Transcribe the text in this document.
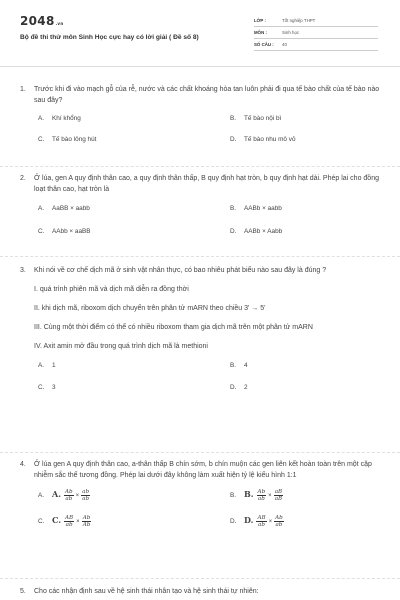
2048.vn
Bộ đề thi thử môn Sinh Học cực hay có lời giải ( Đề số 8)
LỚP :	Tốt nghiệp THPT
MÔN :	Sinh học
SỐ CÂU :	40
1. Trước khi đi vào mạch gỗ của rễ, nước và các chất khoáng hòa tan luôn phải đi qua tế bào chất của tế bào nào sau đây?
A. Khí khổng	B. Tế bào nội bì
C. Tế bào lông hút	D. Tế bào nhu mô vỏ
2. Ở lúa, gen A quy định thân cao, a quy định thân thấp, B quy định hạt tròn, b quy định hạt dài. Phép lai cho đồng loạt thân cao, hạt tròn là
A. AaBB × aabb	B. AABb × aabb
C. AAbb × aaBB	D. AABb × Aabb
3. Khi nói về cơ chế dịch mã ở sinh vật nhân thực, có bao nhiêu phát biểu nào sau đây là đúng ?
I. quá trình phiên mã và dịch mã diễn ra đồng thời
II. khi dịch mã, riboxom dịch chuyển trên phân tử mARN theo chiều 3' → 5'
III. Cùng một thời điểm có thể có nhiều riboxom tham gia dịch mã trên một phân tử mARN
IV. Axit amin mở đầu trong quá trình dịch mã là methioni
A. 1	B. 4
C. 3	D. 2
4. Ở lúa gen A quy định thân cao, a-thân thấp B chín sớm, b chín muộn các gen liên kết hoàn toàn trên một cặp nhiễm sắc thể tương đồng. Phép lai dưới đây không làm xuất hiện tỷ lệ kiểu hình 1:1
A. A. $\frac{Ab}{ab} \times \frac{ab}{ab}$	B. B. $\frac{Ab}{ab} \times \frac{aB}{aB}$
C. C. $\frac{AB}{ab} \times \frac{Ab}{Ab}$	D. D. $\frac{AB}{ab} \times \frac{Ab}{ab}$
5. Cho các nhận định sau về hệ sinh thái nhân tạo và hệ sinh thái tự nhiên:
